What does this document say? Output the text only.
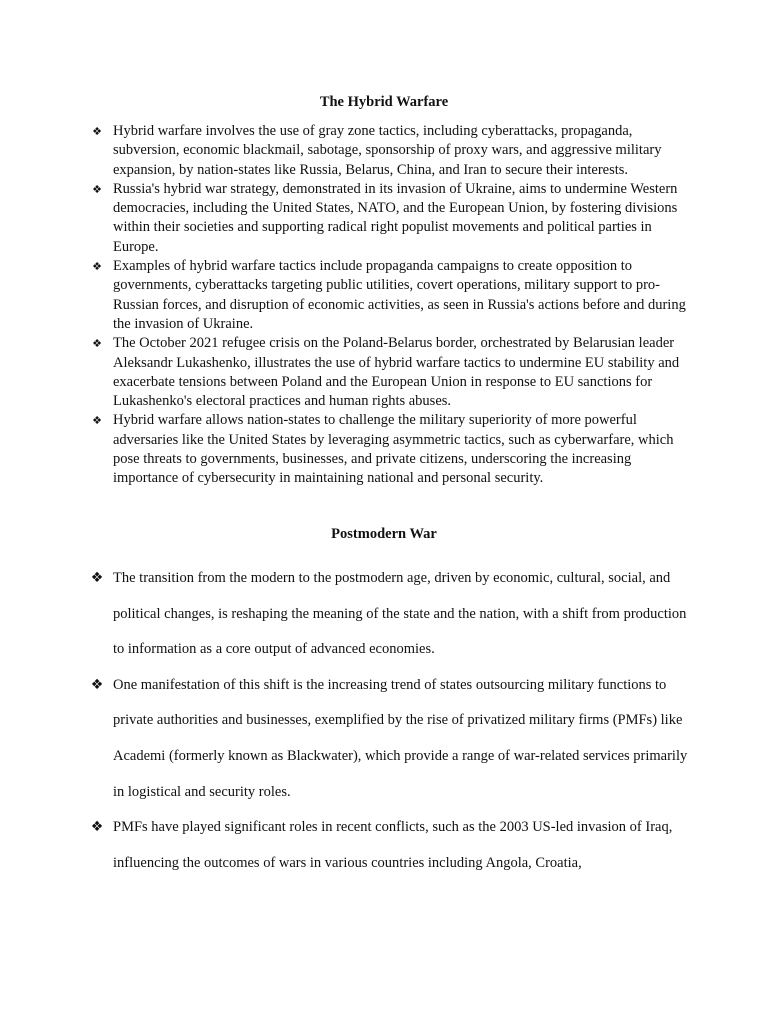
The Hybrid Warfare
❖ Hybrid warfare involves the use of gray zone tactics, including cyberattacks, propaganda, subversion, economic blackmail, sabotage, sponsorship of proxy wars, and aggressive military expansion, by nation-states like Russia, Belarus, China, and Iran to secure their interests.
❖ Russia's hybrid war strategy, demonstrated in its invasion of Ukraine, aims to undermine Western democracies, including the United States, NATO, and the European Union, by fostering divisions within their societies and supporting radical right populist movements and political parties in Europe.
❖ Examples of hybrid warfare tactics include propaganda campaigns to create opposition to governments, cyberattacks targeting public utilities, covert operations, military support to pro-Russian forces, and disruption of economic activities, as seen in Russia's actions before and during the invasion of Ukraine.
❖ The October 2021 refugee crisis on the Poland-Belarus border, orchestrated by Belarusian leader Aleksandr Lukashenko, illustrates the use of hybrid warfare tactics to undermine EU stability and exacerbate tensions between Poland and the European Union in response to EU sanctions for Lukashenko's electoral practices and human rights abuses.
❖ Hybrid warfare allows nation-states to challenge the military superiority of more powerful adversaries like the United States by leveraging asymmetric tactics, such as cyberwarfare, which pose threats to governments, businesses, and private citizens, underscoring the increasing importance of cybersecurity in maintaining national and personal security.
Postmodern War
❖ The transition from the modern to the postmodern age, driven by economic, cultural, social, and political changes, is reshaping the meaning of the state and the nation, with a shift from production to information as a core output of advanced economies.
❖ One manifestation of this shift is the increasing trend of states outsourcing military functions to private authorities and businesses, exemplified by the rise of privatized military firms (PMFs) like Academi (formerly known as Blackwater), which provide a range of war-related services primarily in logistical and security roles.
❖ PMFs have played significant roles in recent conflicts, such as the 2003 US-led invasion of Iraq, influencing the outcomes of wars in various countries including Angola, Croatia,
